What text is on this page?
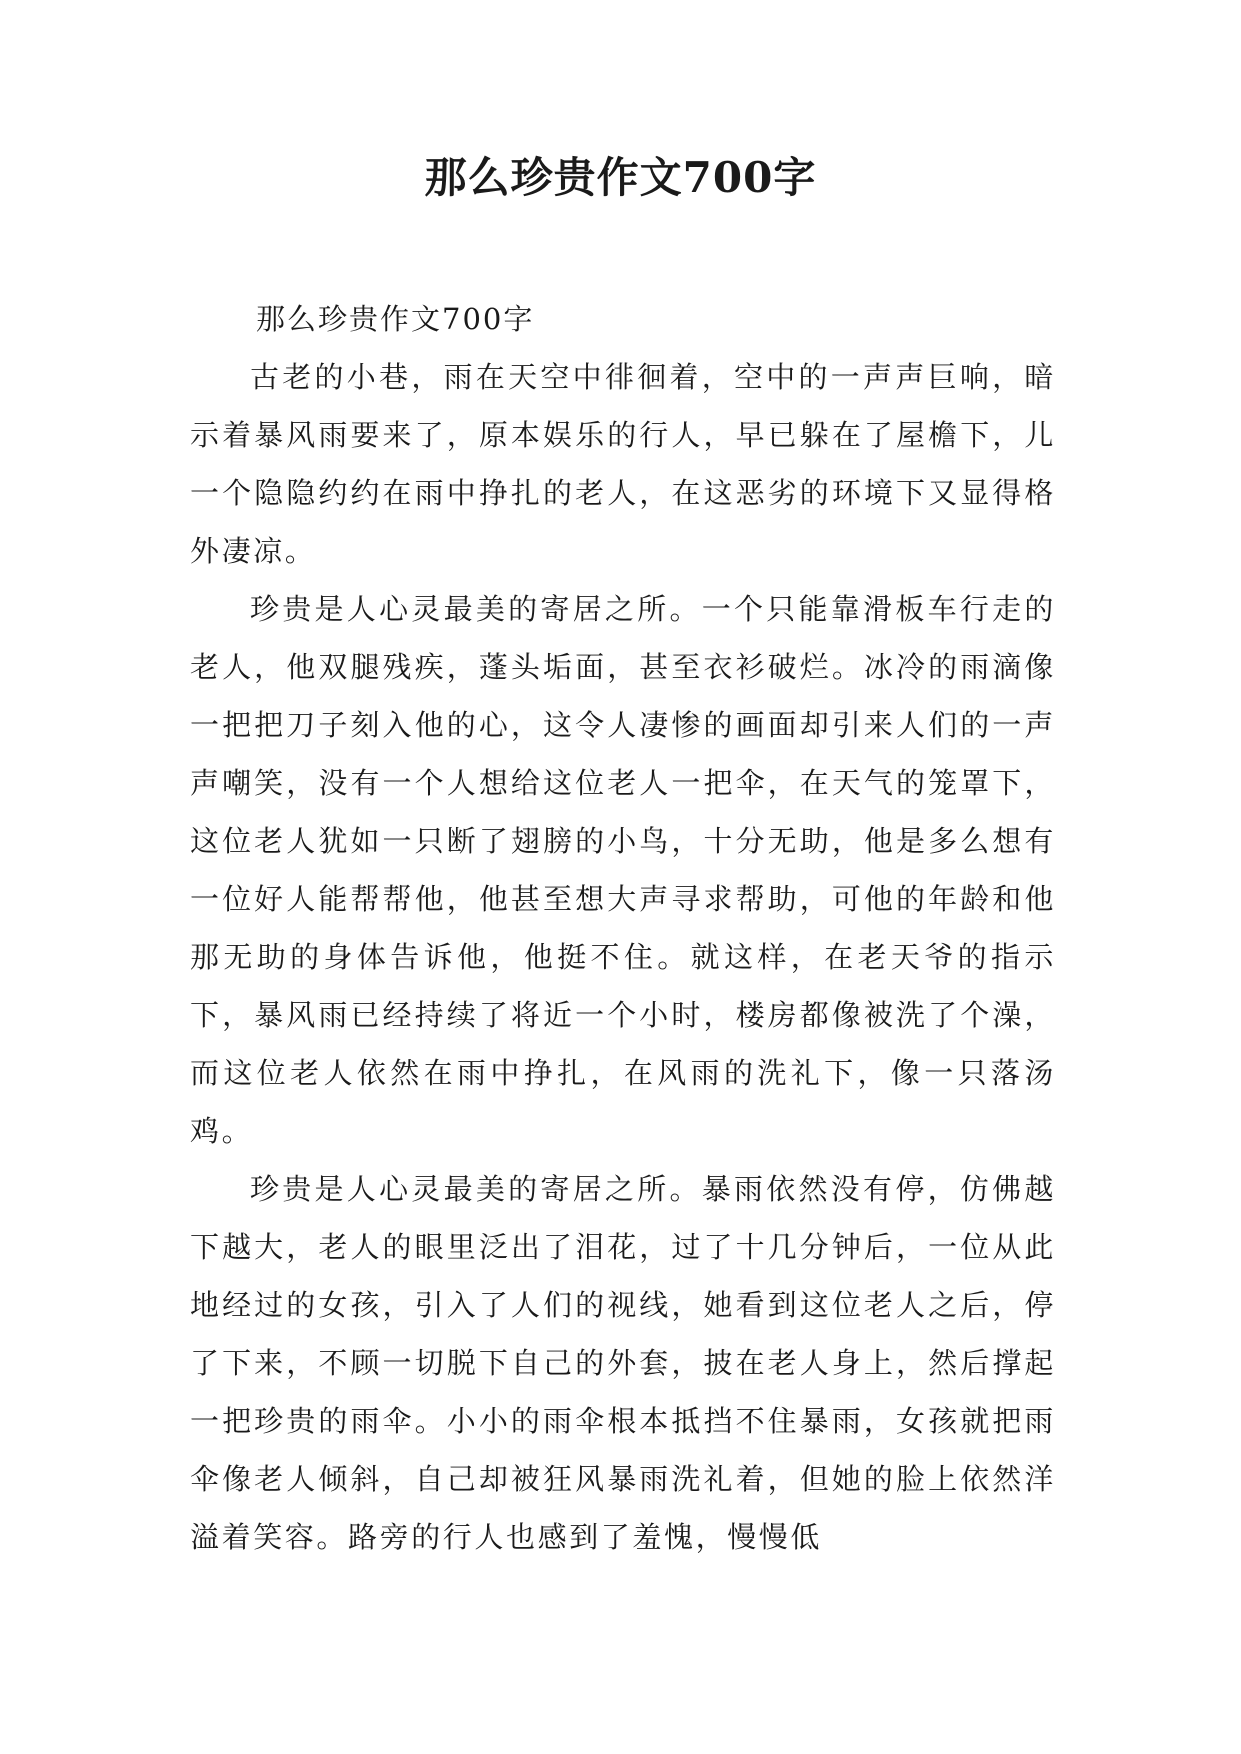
那么珍贵作文700字

那么珍贵作文700字

古老的小巷，雨在天空中徘徊着，空中的一声声巨响，暗示着暴风雨要来了，原本娱乐的行人，早已躲在了屋檐下，儿一个隐隐约约在雨中挣扎的老人，在这恶劣的环境下又显得格外凄凉。

珍贵是人心灵最美的寄居之所。一个只能靠滑板车行走的老人，他双腿残疾，蓬头垢面，甚至衣衫破烂。冰冷的雨滴像一把把刀子刻入他的心，这令人凄惨的画面却引来人们的一声声嘲笑，没有一个人想给这位老人一把伞，在天气的笼罩下，这位老人犹如一只断了翅膀的小鸟，十分无助，他是多么想有一位好人能帮帮他，他甚至想大声寻求帮助，可他的年龄和他那无助的身体告诉他，他挺不住。就这样，在老天爷的指示下，暴风雨已经持续了将近一个小时，楼房都像被洗了个澡，而这位老人依然在雨中挣扎，在风雨的洗礼下，像一只落汤鸡。

珍贵是人心灵最美的寄居之所。暴雨依然没有停，仿佛越下越大，老人的眼里泛出了泪花，过了十几分钟后，一位从此地经过的女孩，引入了人们的视线，她看到这位老人之后，停了下来，不顾一切脱下自己的外套，披在老人身上，然后撑起一把珍贵的雨伞。小小的雨伞根本抵挡不住暴雨，女孩就把雨伞像老人倾斜，自己却被狂风暴雨洗礼着，但她的脸上依然洋溢着笑容。路旁的行人也感到了羞愧，慢慢低
